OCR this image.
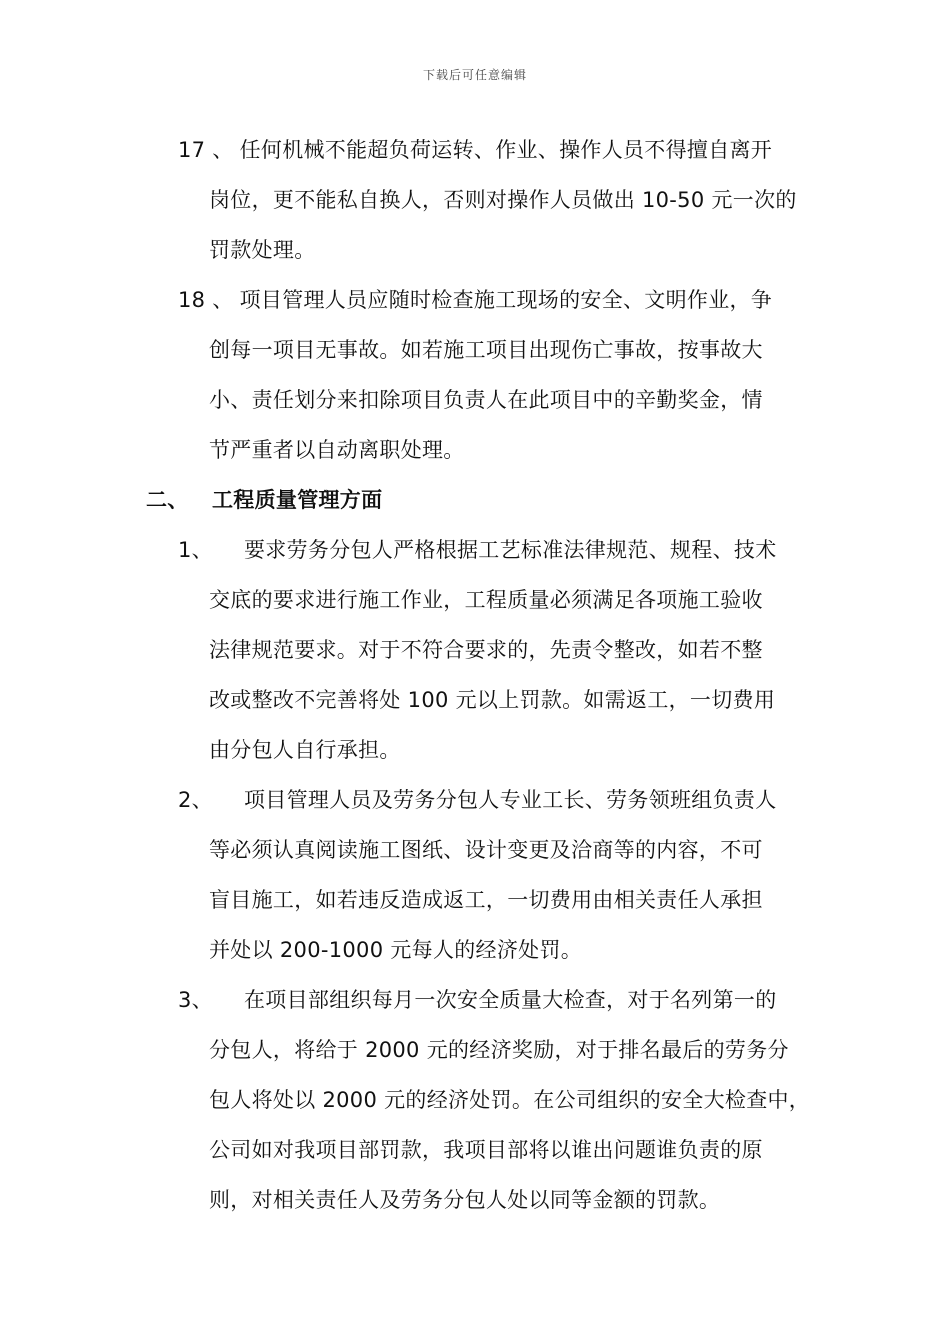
下载后可任意编辑
17 、 任何机械不能超负荷运转、作业、操作人员不得擅自离开
岗位，更不能私自换人，否则对操作人员做出 10-50 元一次的
罚款处理。
18 、 项目管理人员应随时检查施工现场的安全、文明作业，争
创每一项目无事故。如若施工项目出现伤亡事故，按事故大
小、责任划分来扣除项目负责人在此项目中的辛勤奖金，情
节严重者以自动离职处理。
二、 工程质量管理方面
1、 要求劳务分包人严格根据工艺标准法律规范、规程、技术
交底的要求进行施工作业，工程质量必须满足各项施工验收
法律规范要求。对于不符合要求的，先责令整改，如若不整
改或整改不完善将处 100 元以上罚款。如需返工，一切费用
由分包人自行承担。
2、 项目管理人员及劳务分包人专业工长、劳务领班组负责人
等必须认真阅读施工图纸、设计变更及洽商等的内容，不可
盲目施工，如若违反造成返工，一切费用由相关责任人承担
并处以 200-1000 元每人的经济处罚。
3、 在项目部组织每月一次安全质量大检查，对于名列第一的
分包人，将给于 2000 元的经济奖励，对于排名最后的劳务分
包人将处以 2000 元的经济处罚。在公司组织的安全大检查中，
公司如对我项目部罚款，我项目部将以谁出问题谁负责的原
则，对相关责任人及劳务分包人处以同等金额的罚款。
